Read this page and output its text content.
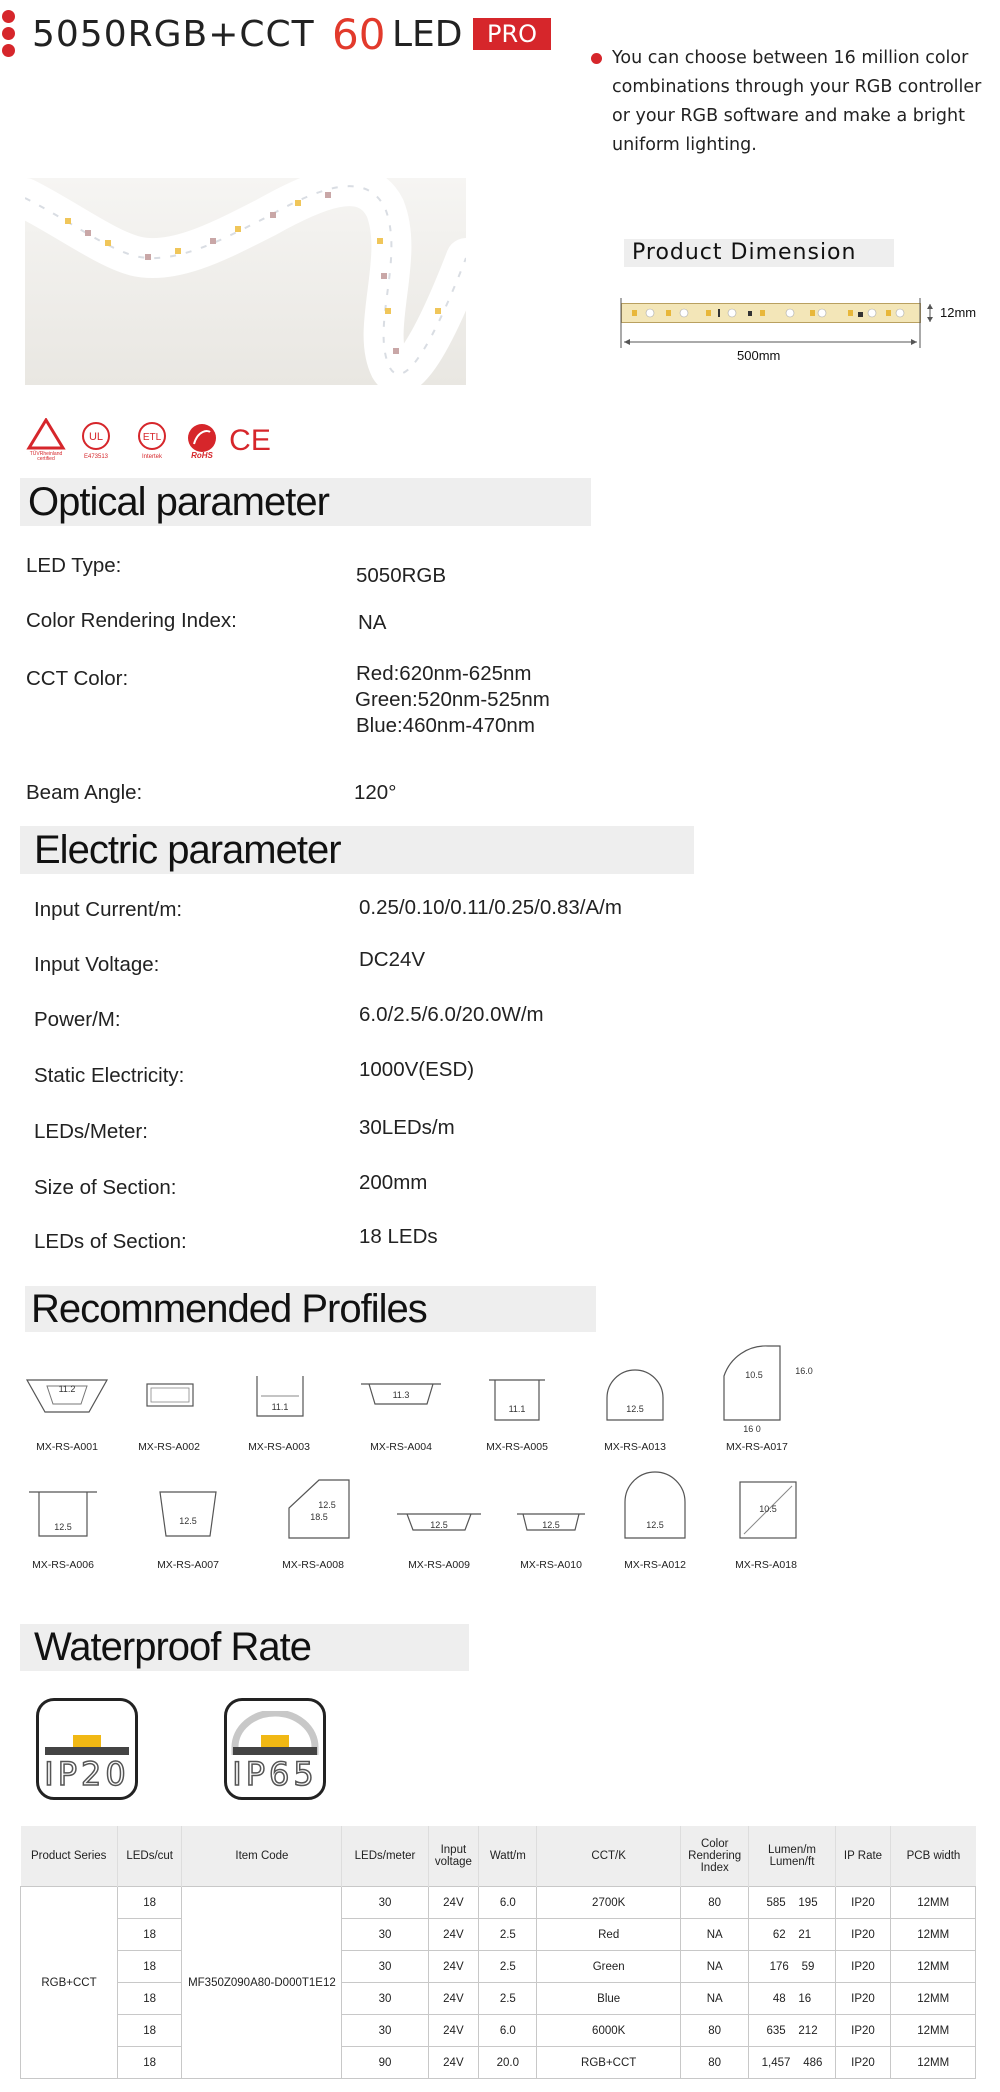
5050RGB+CCT 60 LED	PRO
You can choose between 16 million color combinations through your RGB controller or your RGB software and make a bright uniform lighting.
Product Dimension
12mm
500mm
TÜVRheinland
certified
UL
E473513
ETL
Intertek	RoHS CE
Optical parameter
LED Type:	5050RGB
Color Rendering Index:	NA
CCT Color:	Red:620nm-625nm
Green:520nm-525nm
Blue:460nm-470nm
Beam Angle:	120°
Electric parameter
Input Current/m:	0.25/0.10/0.11/0.25/0.83/A/m
Input Voltage:	DC24V
Power/M:	6.0/2.5/6.0/20.0W/m
Static Electricity:	1000V(ESD)
LEDs/Meter:	30LEDs/m
Size of Section:	200mm
LEDs of Section:	18 LEDs
Recommended Profiles
11.2
MX-RS-A001	MX-RS-A002
11.1
MX-RS-A003
11.3
MX-RS-A004
11.1
MX-RS-A005
12.5
MX-RS-A013
10.5	16.0
16 0
MX-RS-A017
12.5
MX-RS-A006
12.5
MX-RS-A007
12.5
18.5
MX-RS-A008
12.5
MX-RS-A009
12.5
MX-RS-A010
12.5
MX-RS-A012
10.5
MX-RS-A018
Waterproof Rate
IP20	IP65
Product Series	LEDs/cut	Item Code	LEDs/meter	Input voltage	Watt/m	CCT/K	Color Rendering Index	Lumen/m Lumen/ft	IP Rate	PCB width
RGB+CCT	18	MF350Z090A80-D000T1E12	30	24V	6.0	2700K	80	585 195	IP20	12MM
	18		30	24V	2.5	Red	NA	62 21	IP20	12MM
	18		30	24V	2.5	Green	NA	176 59	IP20	12MM
	18		30	24V	2.5	Blue	NA	48 16	IP20	12MM
	18		30	24V	6.0	6000K	80	635 212	IP20	12MM
	18		90	24V	20.0	RGB+CCT	80	1,457 486	IP20	12MM
